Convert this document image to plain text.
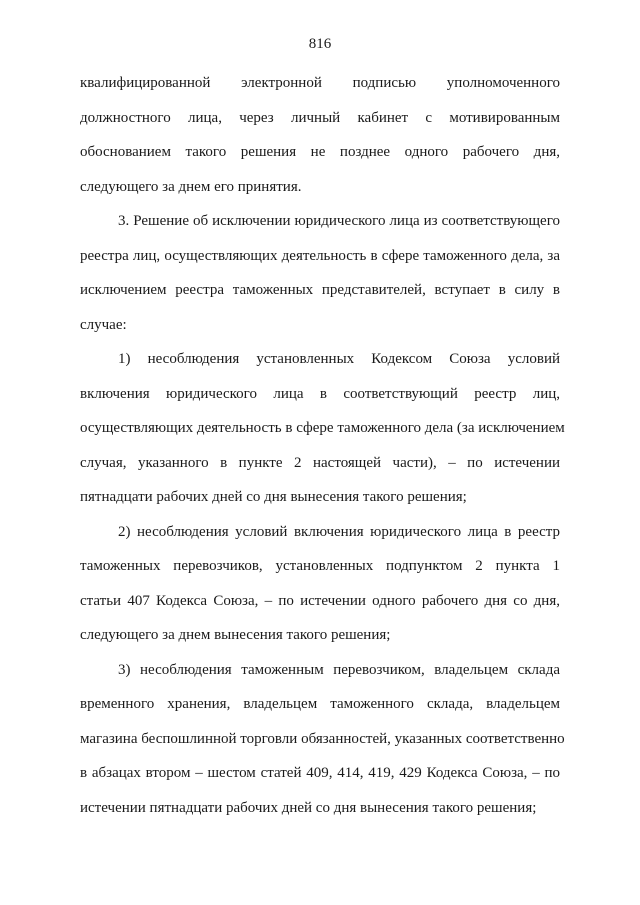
816
квалифицированной электронной подписью уполномоченного
должностного лица, через личный кабинет с мотивированным
обоснованием такого решения не позднее одного рабочего дня,
следующего за днем его принятия.
3. Решение об исключении юридического лица из соответствующего
реестра лиц, осуществляющих деятельность в сфере таможенного дела, за
исключением реестра таможенных представителей, вступает в силу в
случае:
1) несоблюдения установленных Кодексом Союза условий
включения юридического лица в соответствующий реестр лиц,
осуществляющих деятельность в сфере таможенного дела (за исключением
случая, указанного в пункте 2 настоящей части), – по истечении
пятнадцати рабочих дней со дня вынесения такого решения;
2) несоблюдения условий включения юридического лица в реестр
таможенных перевозчиков, установленных подпунктом 2 пункта 1
статьи 407 Кодекса Союза, – по истечении одного рабочего дня со дня,
следующего за днем вынесения такого решения;
3) несоблюдения таможенным перевозчиком, владельцем склада
временного хранения, владельцем таможенного склада, владельцем
магазина беспошлинной торговли обязанностей, указанных соответственно
в абзацах втором – шестом статей 409, 414, 419, 429 Кодекса Союза, – по
истечении пятнадцати рабочих дней со дня вынесения такого решения;
